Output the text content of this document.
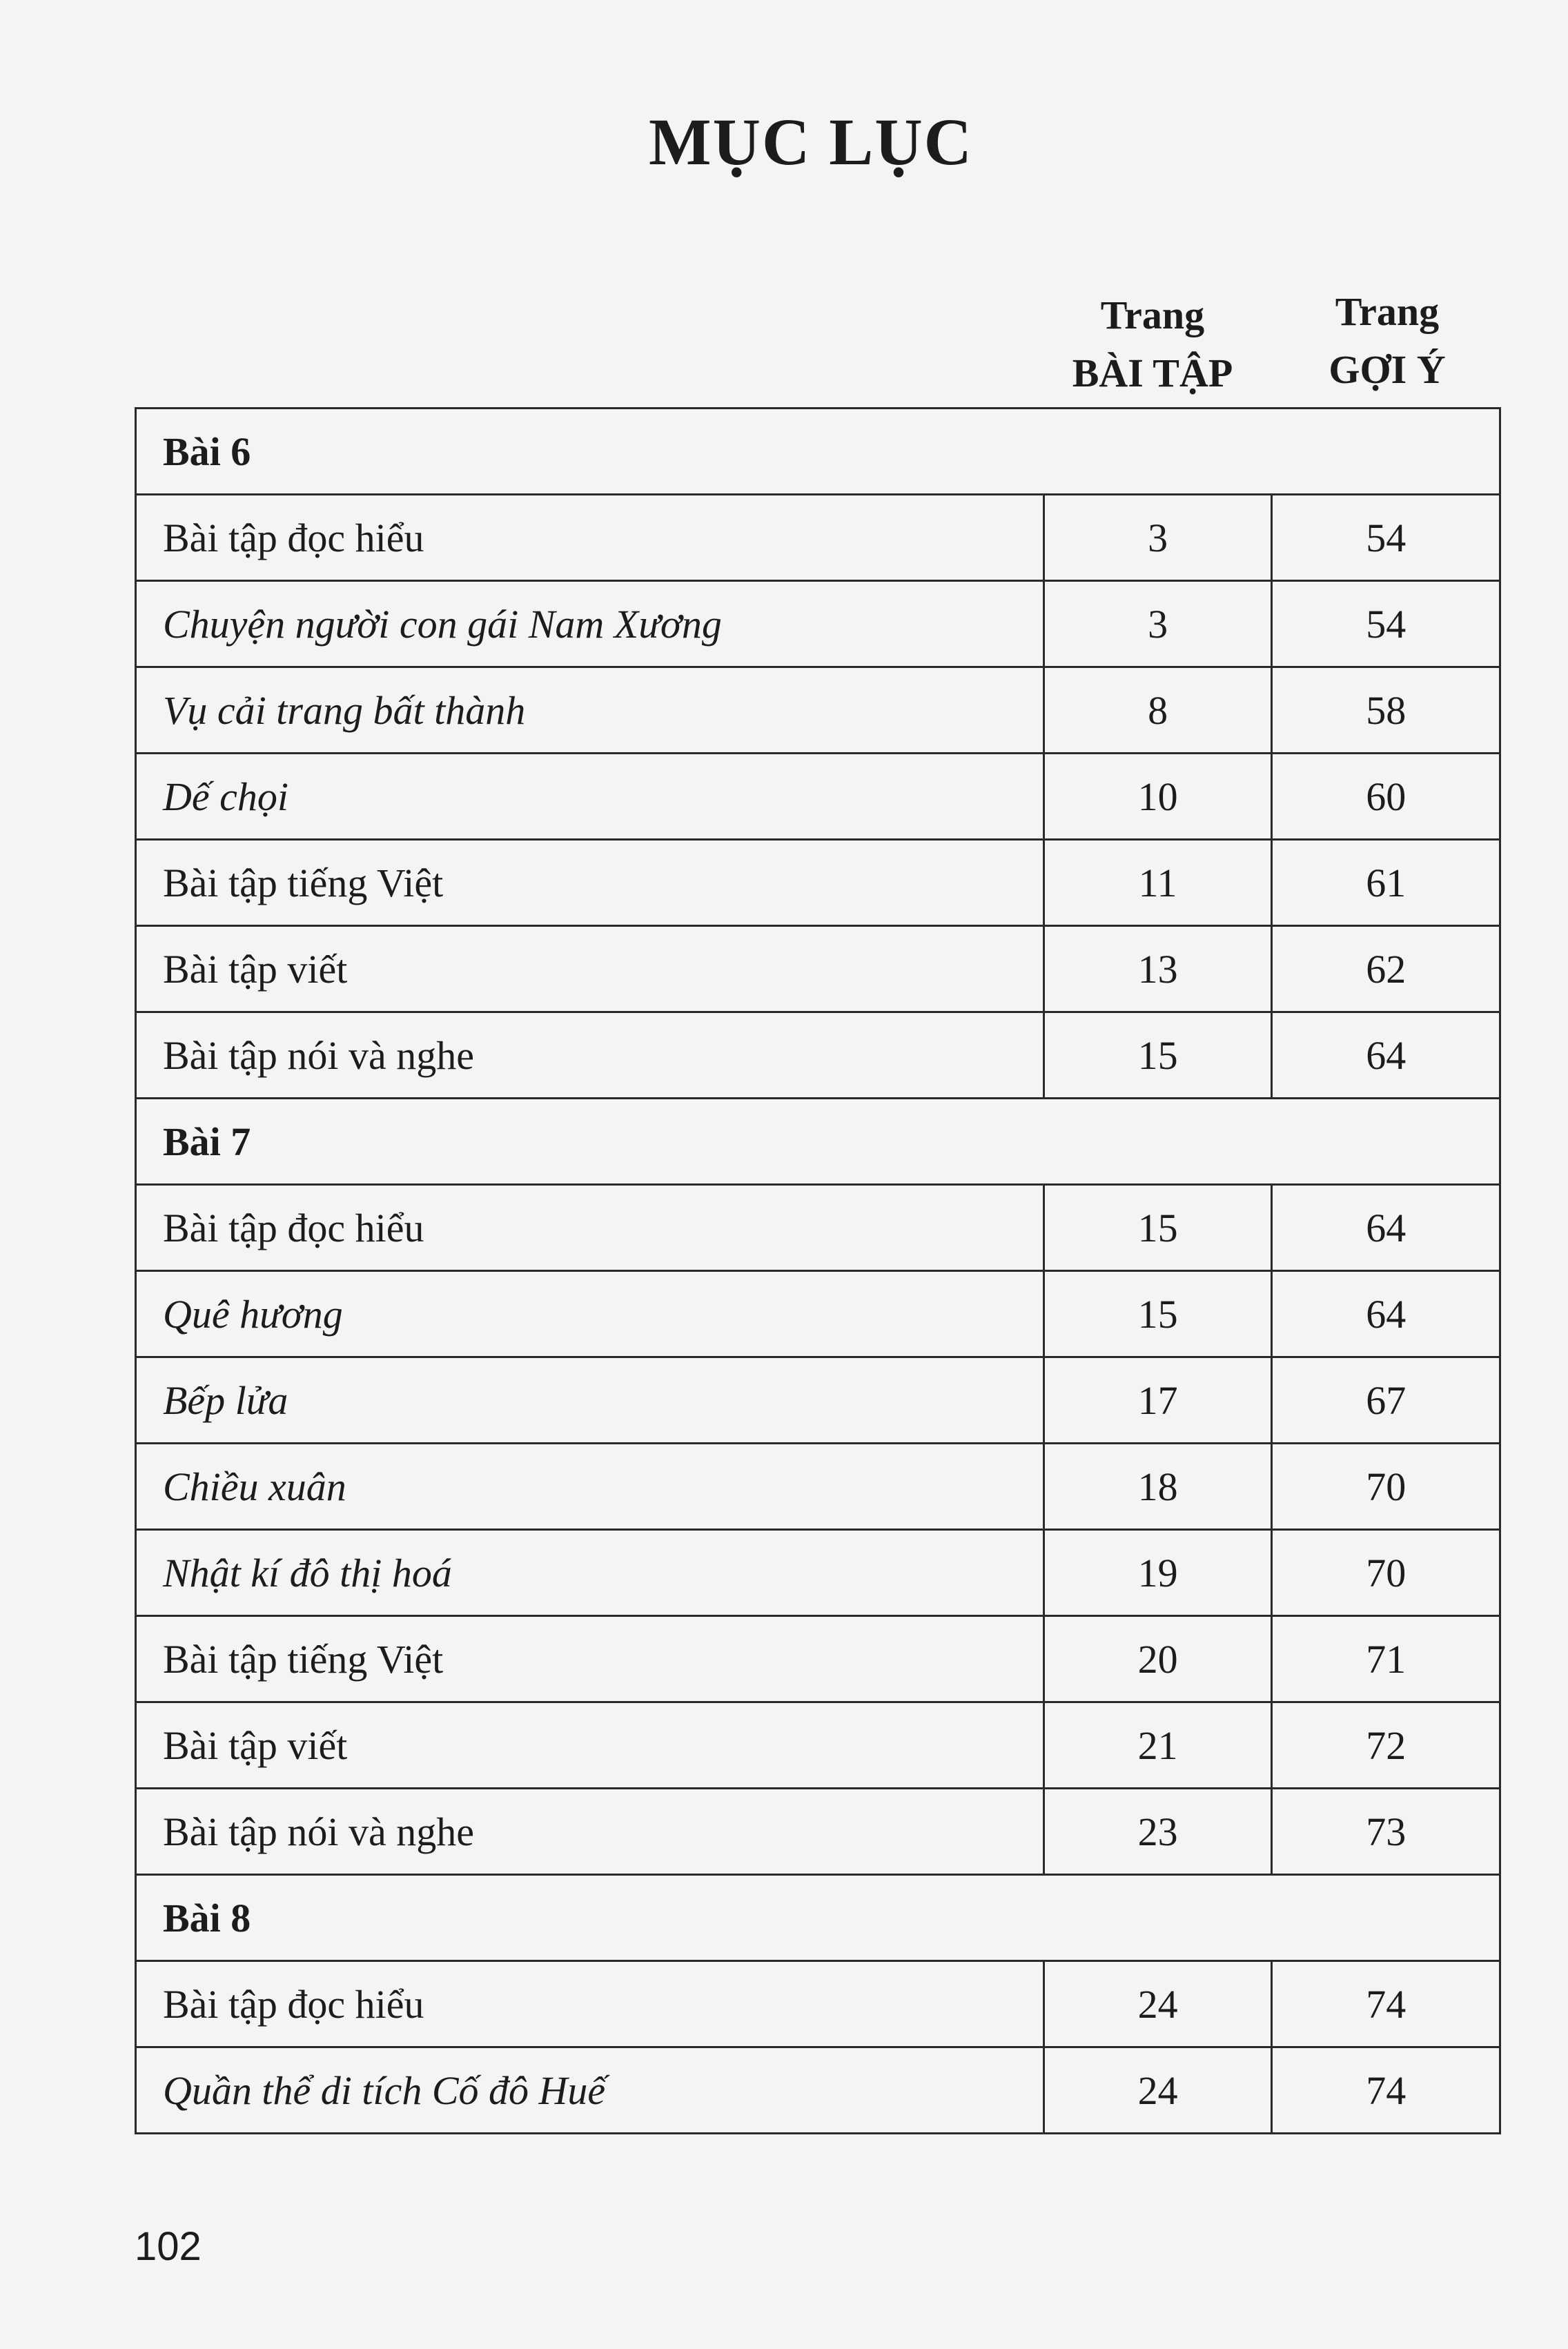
MỤC LỤC
Trang
BÀI TẬP
Trang
GỢI Ý
Bài 6		
Bài tập đọc hiểu	3	54
Chuyện người con gái Nam Xương	3	54
Vụ cải trang bất thành	8	58
Dế chọi	10	60
Bài tập tiếng Việt	11	61
Bài tập viết	13	62
Bài tập nói và nghe	15	64
Bài 7		
Bài tập đọc hiểu	15	64
Quê hương	15	64
Bếp lửa	17	67
Chiều xuân	18	70
Nhật kí đô thị hoá	19	70
Bài tập tiếng Việt	20	71
Bài tập viết	21	72
Bài tập nói và nghe	23	73
Bài 8		
Bài tập đọc hiểu	24	74
Quần thể di tích Cố đô Huế	24	74
102
